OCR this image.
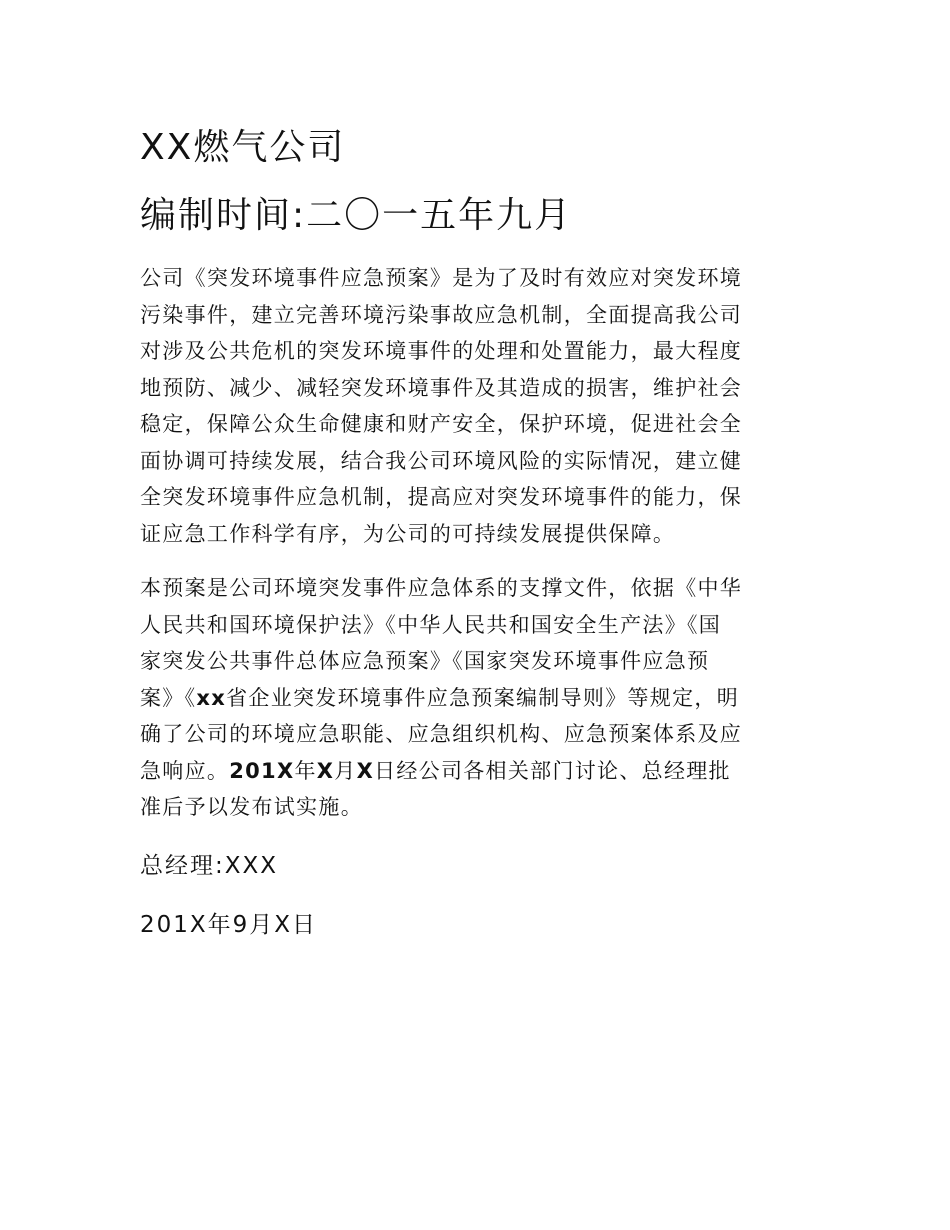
XX燃气公司
编制时间:二〇一五年九月

公司《突发环境事件应急预案》是为了及时有效应对突发环境
污染事件，建立完善环境污染事故应急机制，全面提高我公司
对涉及公共危机的突发环境事件的处理和处置能力，最大程度
地预防、减少、减轻突发环境事件及其造成的损害，维护社会
稳定，保障公众生命健康和财产安全，保护环境，促进社会全
面协调可持续发展，结合我公司环境风险的实际情况，建立健
全突发环境事件应急机制，提高应对突发环境事件的能力，保
证应急工作科学有序，为公司的可持续发展提供保障。

本预案是公司环境突发事件应急体系的支撑文件，依据《中华
人民共和国环境保护法》《中华人民共和国安全生产法》《国
家突发公共事件总体应急预案》《国家突发环境事件应急预
案》《xx省企业突发环境事件应急预案编制导则》等规定，明
确了公司的环境应急职能、应急组织机构、应急预案体系及应
急响应。201X年X月X日经公司各相关部门讨论、总经理批
准后予以发布试实施。

总经理:XXX

201X年9月X日
